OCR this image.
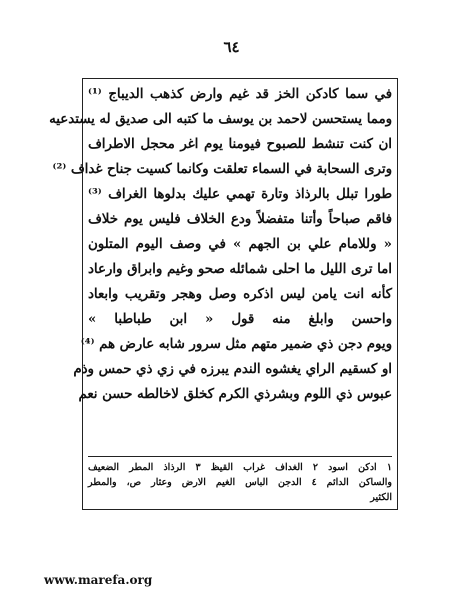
٦٤
في سما كادكن الخز قد غيم وارض كذهب الديباج ⁽¹⁾
ومما يستحسن لاحمد بن يوسف ما كتبه الى صديق له يستدعيه
ان كنت تنشط للصبوح فيومنا يوم اغر محجل الاطراف
وترى السحابة في السماء تعلقت وكانما كسيت جناح غداف ⁽²⁾
طورا تبلل بالرذاذ وتارة تهمي عليك بدلوها الغراف ⁽³⁾
فاقم صباحاً وأتنا متفضلاً ودع الخلاف فليس يوم خلاف
« وللامام علي بن الجهم » في وصف اليوم المتلون
اما ترى الليل ما احلى شمائله صحو وغيم وابراق وارعاد
كأنه انت يامن ليس اذكره وصل وهجر وتقريب وابعاد
واحسن وابلغ منه قول « ابن طباطبا »
ويوم دجن ذي ضمير متهم مثل سرور شابه عارض هم ⁽⁴⁾
او كسقيم الراي يغشوه الندم يبرزه في زي ذي حمس وذم
عبوس ذي اللوم وبشرذي الكرم كخلق لاخالطه حسن نعم
١ ادكن اسود ٢ الغداف غراب القيظ ٣ الرذاذ المطر الضعيف
والساكن الدائم ٤ الدجن الباس الغيم الارض وعثار ص، والمطر
الكثير
www.marefa.org
